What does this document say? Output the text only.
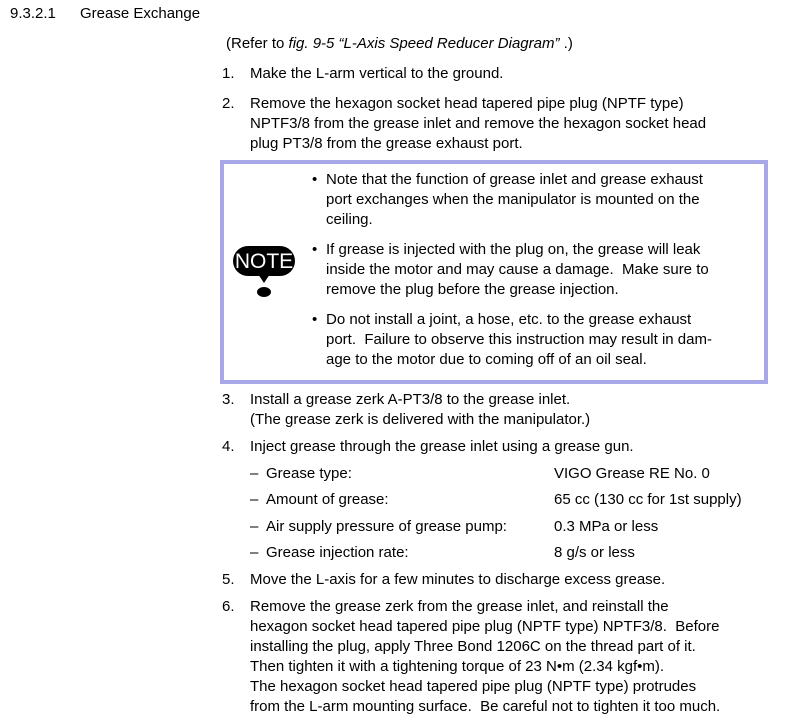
9.3.2.1 Grease Exchange
(Refer to fig. 9-5 “L-Axis Speed Reducer Diagram” .)
1. Make the L-arm vertical to the ground.
2. Remove the hexagon socket head tapered pipe plug (NPTF type)
NPTF3/8 from the grease inlet and remove the hexagon socket head
plug PT3/8 from the grease exhaust port.
NOTE
• Note that the function of grease inlet and grease exhaust
port exchanges when the manipulator is mounted on the
ceiling.
• If grease is injected with the plug on, the grease will leak
inside the motor and may cause a damage.  Make sure to
remove the plug before the grease injection.
• Do not install a joint, a hose, etc. to the grease exhaust
port.  Failure to observe this instruction may result in dam-
age to the motor due to coming off of an oil seal.
3. Install a grease zerk A-PT3/8 to the grease inlet.
(The grease zerk is delivered with the manipulator.)
4. Inject grease through the grease inlet using a grease gun.
– Grease type:	VIGO Grease RE No. 0
– Amount of grease:	65 cc (130 cc for 1st supply)
– Air supply pressure of grease pump:	0.3 MPa or less
– Grease injection rate:	8 g/s or less
5. Move the L-axis for a few minutes to discharge excess grease.
6. Remove the grease zerk from the grease inlet, and reinstall the
hexagon socket head tapered pipe plug (NPTF type) NPTF3/8.  Before
installing the plug, apply Three Bond 1206C on the thread part of it.
Then tighten it with a tightening torque of 23 N•m (2.34 kgf•m).
The hexagon socket head tapered pipe plug (NPTF type) protrudes
from the L-arm mounting surface.  Be careful not to tighten it too much.
